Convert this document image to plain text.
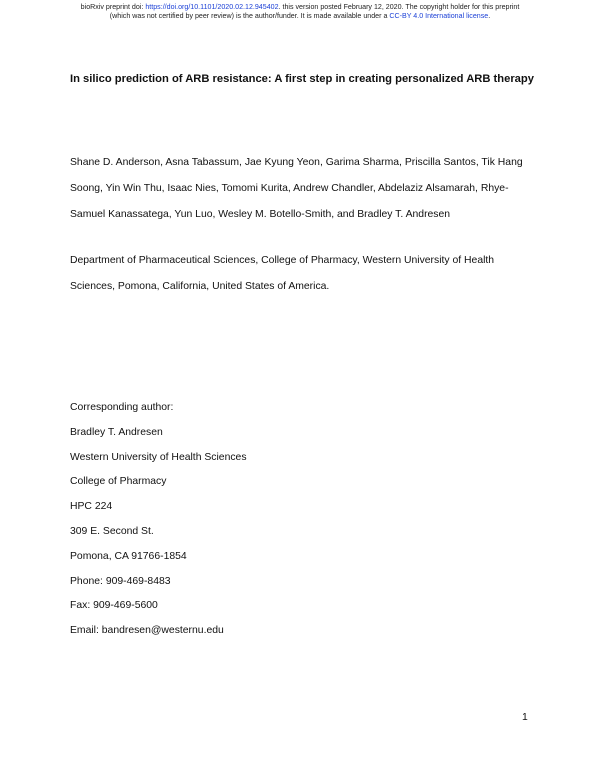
bioRxiv preprint doi: https://doi.org/10.1101/2020.02.12.945402. this version posted February 12, 2020. The copyright holder for this preprint
(which was not certified by peer review) is the author/funder. It is made available under a CC-BY 4.0 International license.
In silico prediction of ARB resistance: A first step in creating personalized ARB therapy
Shane D. Anderson, Asna Tabassum, Jae Kyung Yeon, Garima Sharma, Priscilla Santos, Tik Hang Soong, Yin Win Thu, Isaac Nies, Tomomi Kurita, Andrew Chandler, Abdelaziz Alsamarah, Rhye-Samuel Kanassatega, Yun Luo, Wesley M. Botello-Smith, and Bradley T. Andresen
Department of Pharmaceutical Sciences, College of Pharmacy, Western University of Health Sciences, Pomona, California, United States of America.
Corresponding author:
Bradley T. Andresen
Western University of Health Sciences
College of Pharmacy
HPC 224
309 E. Second St.
Pomona, CA 91766-1854
Phone: 909-469-8483
Fax: 909-469-5600
Email: bandresen@westernu.edu
1
